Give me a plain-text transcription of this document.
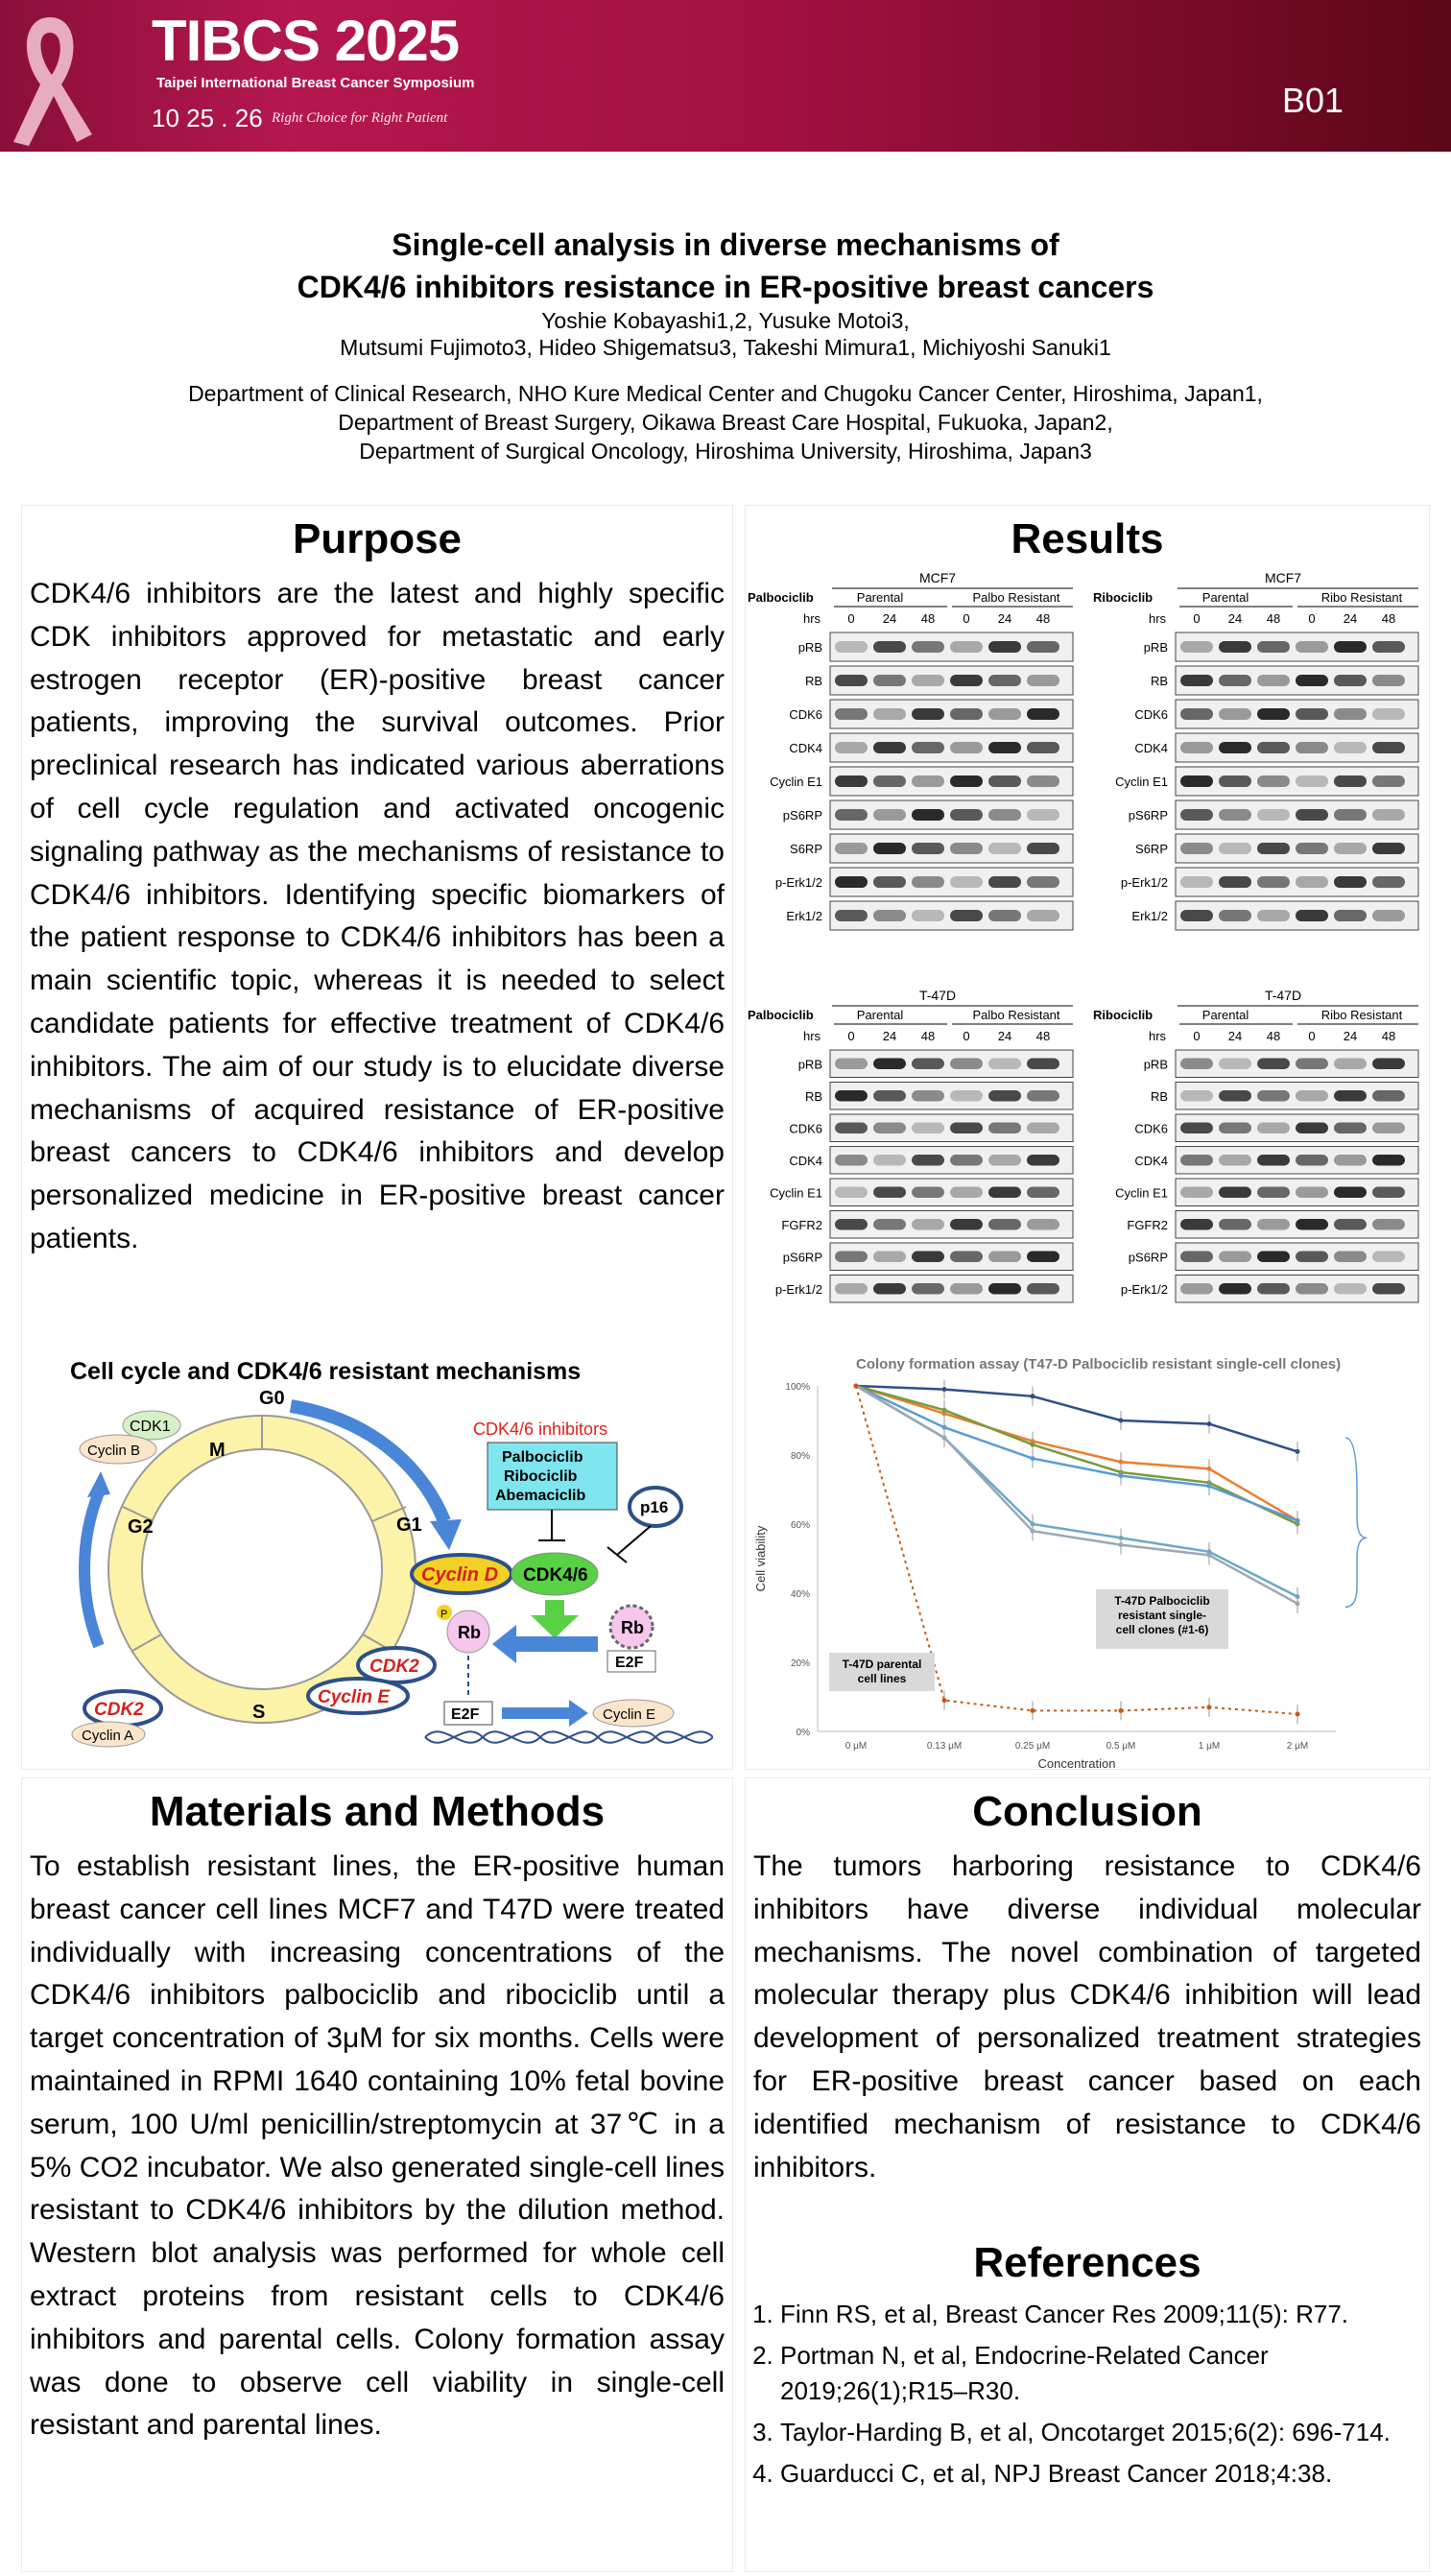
TIBCS 2025
Taipei International Breast Cancer Symposium
10 25 . 26 Right Choice for Right Patient	B01
Single-cell analysis in diverse mechanisms of
CDK4/6 inhibitors resistance in ER-positive breast cancers
Yoshie Kobayashi1,2, Yusuke Motoi3,
Mutsumi Fujimoto3, Hideo Shigematsu3, Takeshi Mimura1, Michiyoshi Sanuki1
Department of Clinical Research, NHO Kure Medical Center and Chugoku Cancer Center, Hiroshima, Japan1,
Department of Breast Surgery, Oikawa Breast Care Hospital, Fukuoka, Japan2,
Department of Surgical Oncology, Hiroshima University, Hiroshima, Japan3
Purpose
CDK4/6 inhibitors are the latest and highly specific CDK inhibitors approved for metastatic and early estrogen receptor (ER)-positive breast cancer patients, improving the survival outcomes. Prior preclinical research has indicated various aberrations of cell cycle regulation and activated oncogenic signaling pathway as the mechanisms of resistance to CDK4/6 inhibitors. Identifying specific biomarkers of the patient response to CDK4/6 inhibitors has been a main scientific topic, whereas it is needed to select candidate patients for effective treatment of CDK4/6 inhibitors. The aim of our study is to elucidate diverse mechanisms of acquired resistance of ER-positive breast cancers to CDK4/6 inhibitors and develop personalized medicine in ER-positive breast cancer patients.
Cell cycle and CDK4/6 resistant mechanisms
G0
G1
S
G2
M
CDK1
Cyclin B
CDK2
Cyclin A
CDK2
Cyclin E
CDK4/6 inhibitors
Palbociclib
Ribociclib
Abemaciclib
p16
Cyclin D CDK4/6
Rb
P
Rb
E2F
E2F	Cyclin E
Results
MCF7
Palbociclib	Parental	Palbo Resistant
hrs 0 24 48 0 24 48
pRB
RB
CDK6
CDK4
Cyclin E1
pS6RP
S6RP
p-Erk1/2
Erk1/2
MCF7
Ribociclib	Parental	Ribo Resistant
hrs 0 24 48 0 24 48
pRB
RB
CDK6
CDK4
Cyclin E1
pS6RP
S6RP
p-Erk1/2
Erk1/2
T-47D
Palbociclib	Parental	Palbo Resistant
hrs 0 24 48 0 24 48
pRB
RB
CDK6
CDK4
Cyclin E1
FGFR2
pS6RP
p-Erk1/2
T-47D
Ribociclib	Parental	Ribo Resistant
hrs 0 24 48 0 24 48
pRB
RB
CDK6
CDK4
Cyclin E1
FGFR2
pS6RP
p-Erk1/2
Colony formation assay (T47-D Palbociclib resistant single-cell clones)
0%
20%
40%
60%
80%
100%
0 μM	0.13 μM	0.25 μM	0.5 μM	1 μM	2 μM
Concentration
Cell viability
T-47D Palbociclib
resistant single-
cell clones (#1-6)
T-47D parental
cell lines
Materials and Methods
To establish resistant lines, the ER-positive human breast cancer cell lines MCF7 and T47D were treated individually with increasing concentrations of the CDK4/6 inhibitors palbociclib and ribociclib until a target concentration of 3μM for six months. Cells were maintained in RPMI 1640 containing 10% fetal bovine serum, 100 U/ml penicillin/streptomycin at 37℃ in a 5% CO2 incubator. We also generated single-cell lines resistant to CDK4/6 inhibitors by the dilution method. Western blot analysis was performed for whole cell extract proteins from resistant cells to CDK4/6 inhibitors and parental cells. Colony formation assay was done to observe cell viability in single-cell resistant and parental lines.
Conclusion
The tumors harboring resistance to CDK4/6 inhibitors have diverse individual molecular mechanisms. The novel combination of targeted molecular therapy plus CDK4/6 inhibition will lead development of personalized treatment strategies for ER-positive breast cancer based on each identified mechanism of resistance to CDK4/6 inhibitors.
References
1. Finn RS, et al, Breast Cancer Res 2009;11(5): R77.
2. Portman N, et al, Endocrine-Related Cancer 2019;26(1);R15–R30.
3. Taylor-Harding B, et al, Oncotarget 2015;6(2): 696-714.
4. Guarducci C, et al, NPJ Breast Cancer 2018;4:38.
